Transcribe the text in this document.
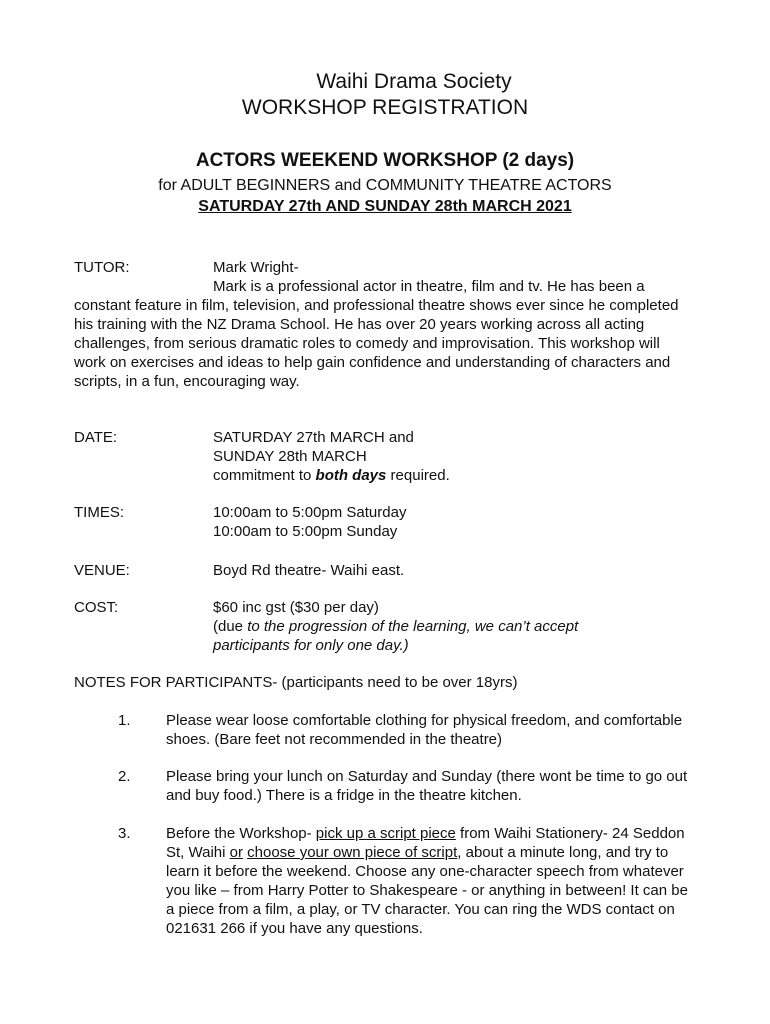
Waihi Drama Society
WORKSHOP REGISTRATION
ACTORS WEEKEND WORKSHOP (2 days)
for ADULT BEGINNERS and COMMUNITY THEATRE ACTORS
SATURDAY 27th AND SUNDAY 28th MARCH 2021
TUTOR:	Mark Wright-
Mark is a professional actor in theatre, film and tv. He has been a constant feature in film, television, and professional theatre shows ever since he completed his training with the NZ Drama School. He has over 20 years working across all acting challenges, from serious dramatic roles to comedy and improvisation. This workshop will work on exercises and ideas to help gain confidence and understanding of characters and scripts, in a fun, encouraging way.
DATE:	SATURDAY 27th MARCH and
SUNDAY 28th MARCH
commitment to both days required.
TIMES:	10:00am to 5:00pm Saturday
10:00am to 5:00pm Sunday
VENUE:	Boyd Rd theatre- Waihi east.
COST:	$60 inc gst ($30 per day)
(due to the progression of the learning, we can’t accept participants for only one day.)
NOTES FOR PARTICIPANTS- (participants need to be over 18yrs)
1. Please wear loose comfortable clothing for physical freedom, and comfortable shoes. (Bare feet not recommended in the theatre)
2. Please bring your lunch on Saturday and Sunday (there wont be time to go out and buy food.) There is a fridge in the theatre kitchen.
3. Before the Workshop- pick up a script piece from Waihi Stationery- 24 Seddon St, Waihi or choose your own piece of script, about a minute long, and try to learn it before the weekend. Choose any one-character speech from whatever you like – from Harry Potter to Shakespeare - or anything in between! It can be a piece from a film, a play, or TV character. You can ring the WDS contact on 021631 266 if you have any questions.
